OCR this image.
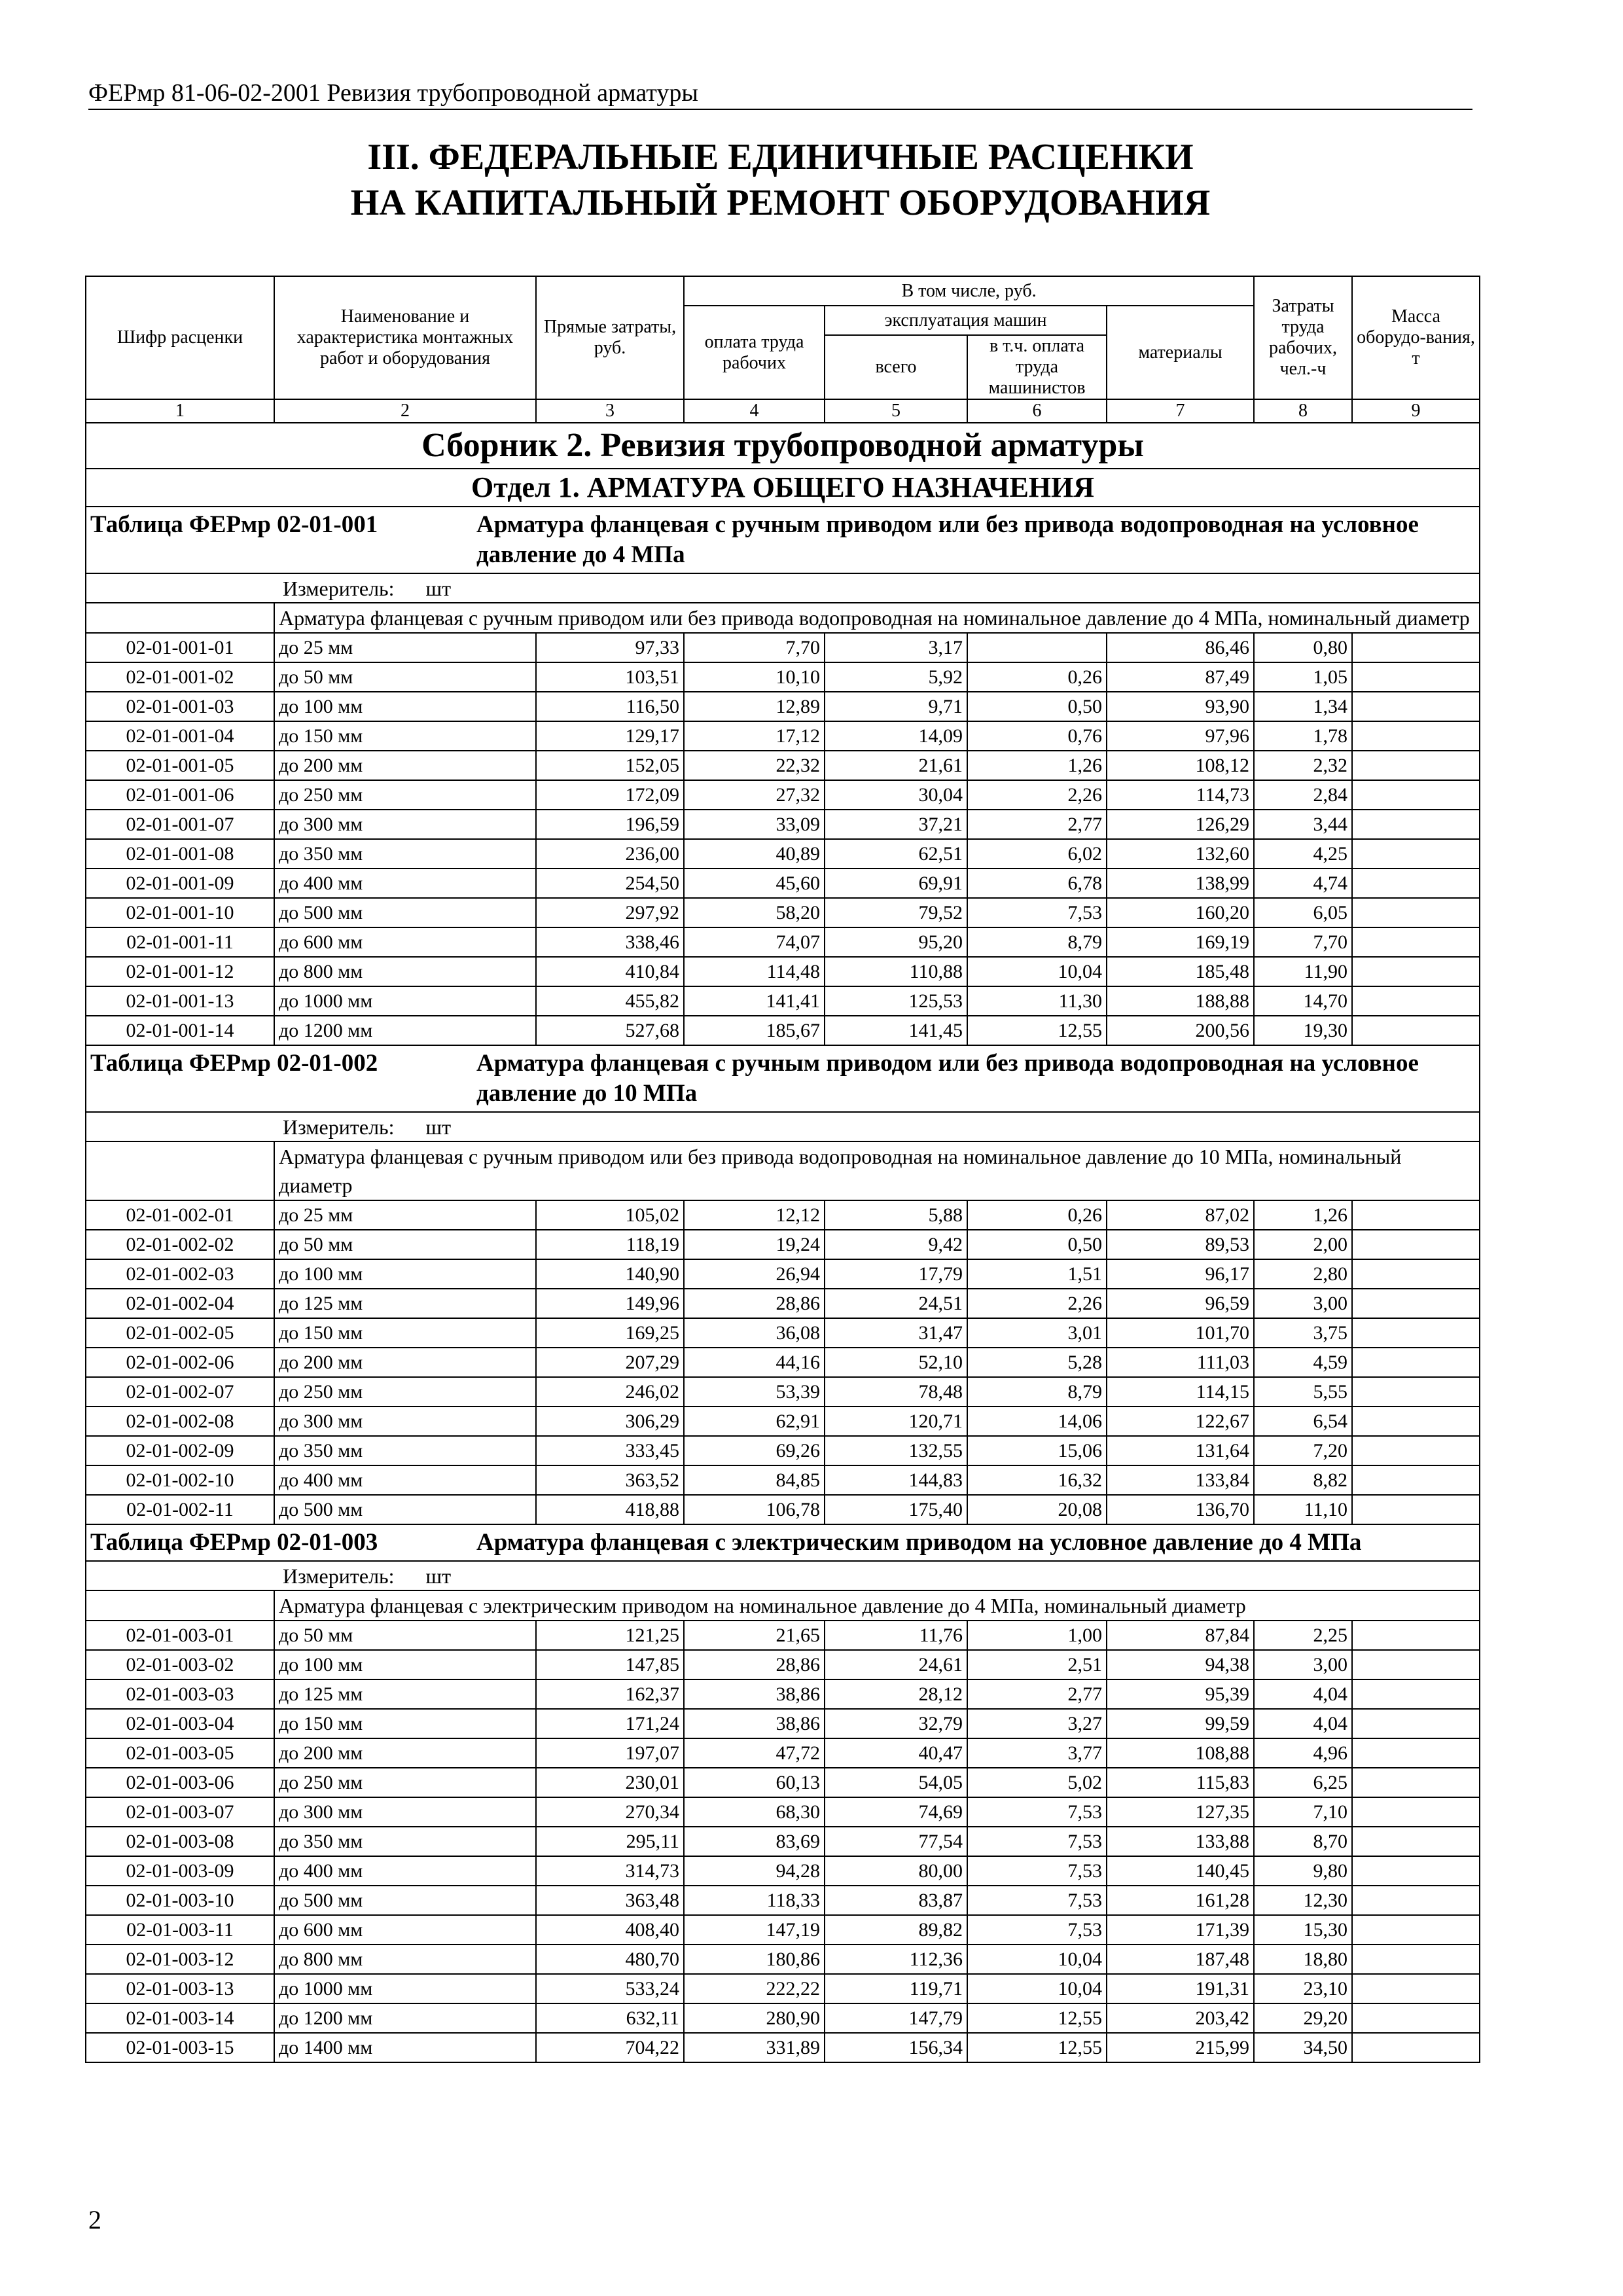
ФЕРмр 81-06-02-2001 Ревизия трубопроводной арматуры
III. ФЕДЕРАЛЬНЫЕ ЕДИНИЧНЫЕ РАСЦЕНКИ
НА КАПИТАЛЬНЫЙ РЕМОНТ ОБОРУДОВАНИЯ
Шифр расценки	Наименование и характеристика монтажных работ и оборудования	Прямые затраты, руб.	В том числе, руб.				Затраты труда рабочих, чел.-ч	Масса оборудо-вания, т
			оплата труда рабочих	эксплуатация машин		материалы		
				всего	в т.ч. оплата труда машинистов			
1	2	3	4	5	6	7	8	9
Сборник 2. Ревизия трубопроводной арматуры								
Отдел 1. АРМАТУРА ОБЩЕГО НАЗНАЧЕНИЯ								
Таблица ФЕРмр 02-01-001 Арматура фланцевая с ручным приводом или без привода водопроводная на условное давление до 4 МПа								
Измеритель: шт								
	Арматура фланцевая с ручным приводом или без привода водопроводная на номинальное давление до 4 МПа, номинальный диаметр							
02-01-001-01	до 25 мм	97,33	7,70	3,17		86,46	0,80	
02-01-001-02	до 50 мм	103,51	10,10	5,92	0,26	87,49	1,05	
02-01-001-03	до 100 мм	116,50	12,89	9,71	0,50	93,90	1,34	
02-01-001-04	до 150 мм	129,17	17,12	14,09	0,76	97,96	1,78	
02-01-001-05	до 200 мм	152,05	22,32	21,61	1,26	108,12	2,32	
02-01-001-06	до 250 мм	172,09	27,32	30,04	2,26	114,73	2,84	
02-01-001-07	до 300 мм	196,59	33,09	37,21	2,77	126,29	3,44	
02-01-001-08	до 350 мм	236,00	40,89	62,51	6,02	132,60	4,25	
02-01-001-09	до 400 мм	254,50	45,60	69,91	6,78	138,99	4,74	
02-01-001-10	до 500 мм	297,92	58,20	79,52	7,53	160,20	6,05	
02-01-001-11	до 600 мм	338,46	74,07	95,20	8,79	169,19	7,70	
02-01-001-12	до 800 мм	410,84	114,48	110,88	10,04	185,48	11,90	
02-01-001-13	до 1000 мм	455,82	141,41	125,53	11,30	188,88	14,70	
02-01-001-14	до 1200 мм	527,68	185,67	141,45	12,55	200,56	19,30	
Таблица ФЕРмр 02-01-002 Арматура фланцевая с ручным приводом или без привода водопроводная на условное давление до 10 МПа								
Измеритель: шт								
	Арматура фланцевая с ручным приводом или без привода водопроводная на номинальное давление до 10 МПа, номинальный диаметр							
02-01-002-01	до 25 мм	105,02	12,12	5,88	0,26	87,02	1,26	
02-01-002-02	до 50 мм	118,19	19,24	9,42	0,50	89,53	2,00	
02-01-002-03	до 100 мм	140,90	26,94	17,79	1,51	96,17	2,80	
02-01-002-04	до 125 мм	149,96	28,86	24,51	2,26	96,59	3,00	
02-01-002-05	до 150 мм	169,25	36,08	31,47	3,01	101,70	3,75	
02-01-002-06	до 200 мм	207,29	44,16	52,10	5,28	111,03	4,59	
02-01-002-07	до 250 мм	246,02	53,39	78,48	8,79	114,15	5,55	
02-01-002-08	до 300 мм	306,29	62,91	120,71	14,06	122,67	6,54	
02-01-002-09	до 350 мм	333,45	69,26	132,55	15,06	131,64	7,20	
02-01-002-10	до 400 мм	363,52	84,85	144,83	16,32	133,84	8,82	
02-01-002-11	до 500 мм	418,88	106,78	175,40	20,08	136,70	11,10	
Таблица ФЕРмр 02-01-003 Арматура фланцевая с электрическим приводом на условное давление до 4 МПа								
Измеритель: шт								
	Арматура фланцевая с электрическим приводом на номинальное давление до 4 МПа, номинальный диаметр							
02-01-003-01	до 50 мм	121,25	21,65	11,76	1,00	87,84	2,25	
02-01-003-02	до 100 мм	147,85	28,86	24,61	2,51	94,38	3,00	
02-01-003-03	до 125 мм	162,37	38,86	28,12	2,77	95,39	4,04	
02-01-003-04	до 150 мм	171,24	38,86	32,79	3,27	99,59	4,04	
02-01-003-05	до 200 мм	197,07	47,72	40,47	3,77	108,88	4,96	
02-01-003-06	до 250 мм	230,01	60,13	54,05	5,02	115,83	6,25	
02-01-003-07	до 300 мм	270,34	68,30	74,69	7,53	127,35	7,10	
02-01-003-08	до 350 мм	295,11	83,69	77,54	7,53	133,88	8,70	
02-01-003-09	до 400 мм	314,73	94,28	80,00	7,53	140,45	9,80	
02-01-003-10	до 500 мм	363,48	118,33	83,87	7,53	161,28	12,30	
02-01-003-11	до 600 мм	408,40	147,19	89,82	7,53	171,39	15,30	
02-01-003-12	до 800 мм	480,70	180,86	112,36	10,04	187,48	18,80	
02-01-003-13	до 1000 мм	533,24	222,22	119,71	10,04	191,31	23,10	
02-01-003-14	до 1200 мм	632,11	280,90	147,79	12,55	203,42	29,20	
02-01-003-15	до 1400 мм	704,22	331,89	156,34	12,55	215,99	34,50	
2
